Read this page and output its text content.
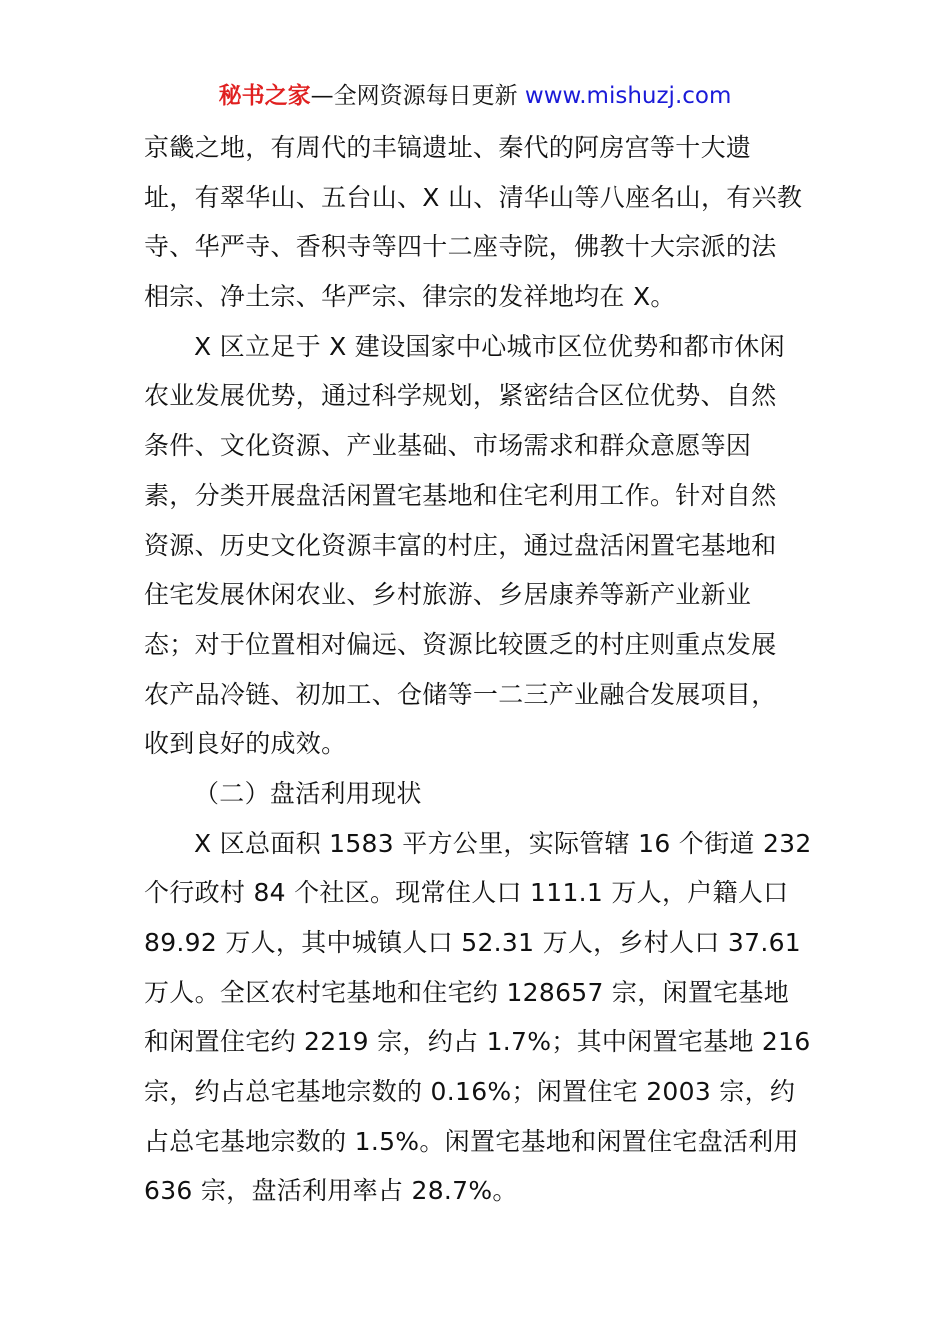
秘书之家—全网资源每日更新 www.mishuzj.com
京畿之地，有周代的丰镐遗址、秦代的阿房宫等十大遗
址，有翠华山、五台山、X 山、清华山等八座名山，有兴教
寺、华严寺、香积寺等四十二座寺院，佛教十大宗派的法
相宗、净土宗、华严宗、律宗的发祥地均在 X。
X 区立足于 X 建设国家中心城市区位优势和都市休闲
农业发展优势，通过科学规划，紧密结合区位优势、自然
条件、文化资源、产业基础、市场需求和群众意愿等因
素，分类开展盘活闲置宅基地和住宅利用工作。针对自然
资源、历史文化资源丰富的村庄，通过盘活闲置宅基地和
住宅发展休闲农业、乡村旅游、乡居康养等新产业新业
态；对于位置相对偏远、资源比较匮乏的村庄则重点发展
农产品冷链、初加工、仓储等一二三产业融合发展项目，
收到良好的成效。
（二）盘活利用现状
X 区总面积 1583 平方公里，实际管辖 16 个街道 232
个行政村 84 个社区。现常住人口 111.1 万人，户籍人口
89.92 万人，其中城镇人口 52.31 万人，乡村人口 37.61
万人。全区农村宅基地和住宅约 128657 宗，闲置宅基地
和闲置住宅约 2219 宗，约占 1.7%；其中闲置宅基地 216
宗，约占总宅基地宗数的 0.16%；闲置住宅 2003 宗，约
占总宅基地宗数的 1.5%。闲置宅基地和闲置住宅盘活利用
636 宗，盘活利用率占 28.7%。
